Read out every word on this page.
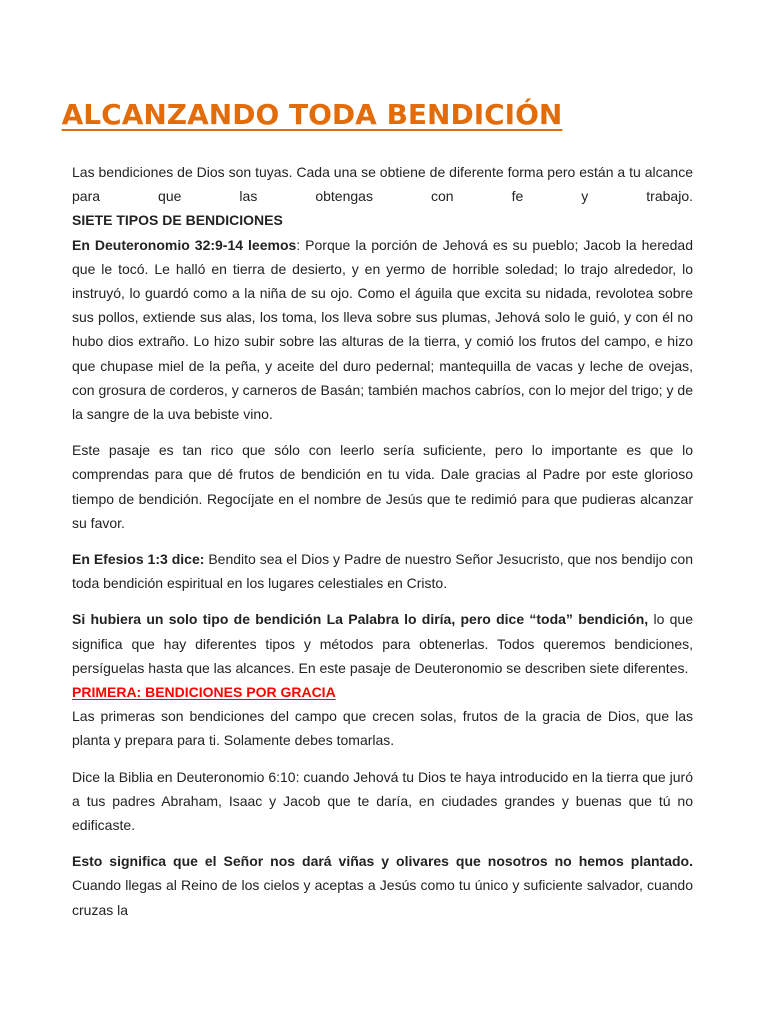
ALCANZANDO TODA BENDICIÓN

Las bendiciones de Dios son tuyas. Cada una se obtiene de diferente forma pero están a tu alcance

para que las obtengas con fe y trabajo.

SIETE TIPOS DE BENDICIONES

En Deuteronomio 32:9-14 leemos: Porque la porción de Jehová es su pueblo; Jacob la heredad que le tocó. Le halló en tierra de desierto, y en yermo de horrible soledad; lo trajo alrededor, lo instruyó, lo guardó como a la niña de su ojo. Como el águila que excita su nidada, revolotea sobre sus pollos, extiende sus alas, los toma, los lleva sobre sus plumas, Jehová solo le guió, y con él no hubo dios extraño. Lo hizo subir sobre las alturas de la tierra, y comió los frutos del campo, e hizo que chupase miel de la peña, y aceite del duro pedernal; mantequilla de vacas y leche de ovejas, con grosura de corderos, y carneros de Basán; también machos cabríos, con lo mejor del trigo; y de la sangre de la uva bebiste vino.

Este pasaje es tan rico que sólo con leerlo sería suficiente, pero lo importante es que lo comprendas para que dé frutos de bendición en tu vida. Dale gracias al Padre por este glorioso tiempo de bendición. Regocíjate en el nombre de Jesús que te redimió para que pudieras alcanzar su favor.

En Efesios 1:3 dice: Bendito sea el Dios y Padre de nuestro Señor Jesucristo, que nos bendijo con toda bendición espiritual en los lugares celestiales en Cristo.

Si hubiera un solo tipo de bendición La Palabra lo diría, pero dice “toda” bendición, lo que significa que hay diferentes tipos y métodos para obtenerlas. Todos queremos bendiciones, persíguelas hasta que las alcances. En este pasaje de Deuteronomio se describen siete diferentes.

PRIMERA: BENDICIONES POR GRACIA

Las primeras son bendiciones del campo que crecen solas, frutos de la gracia de Dios, que las planta y prepara para ti. Solamente debes tomarlas.

Dice la Biblia en Deuteronomio 6:10: cuando Jehová tu Dios te haya introducido en la tierra que juró a tus padres Abraham, Isaac y Jacob que te daría, en ciudades grandes y buenas que tú no edificaste.

Esto significa que el Señor nos dará viñas y olivares que nosotros no hemos plantado. Cuando llegas al Reino de los cielos y aceptas a Jesús como tu único y suficiente salvador, cuando cruzas la
